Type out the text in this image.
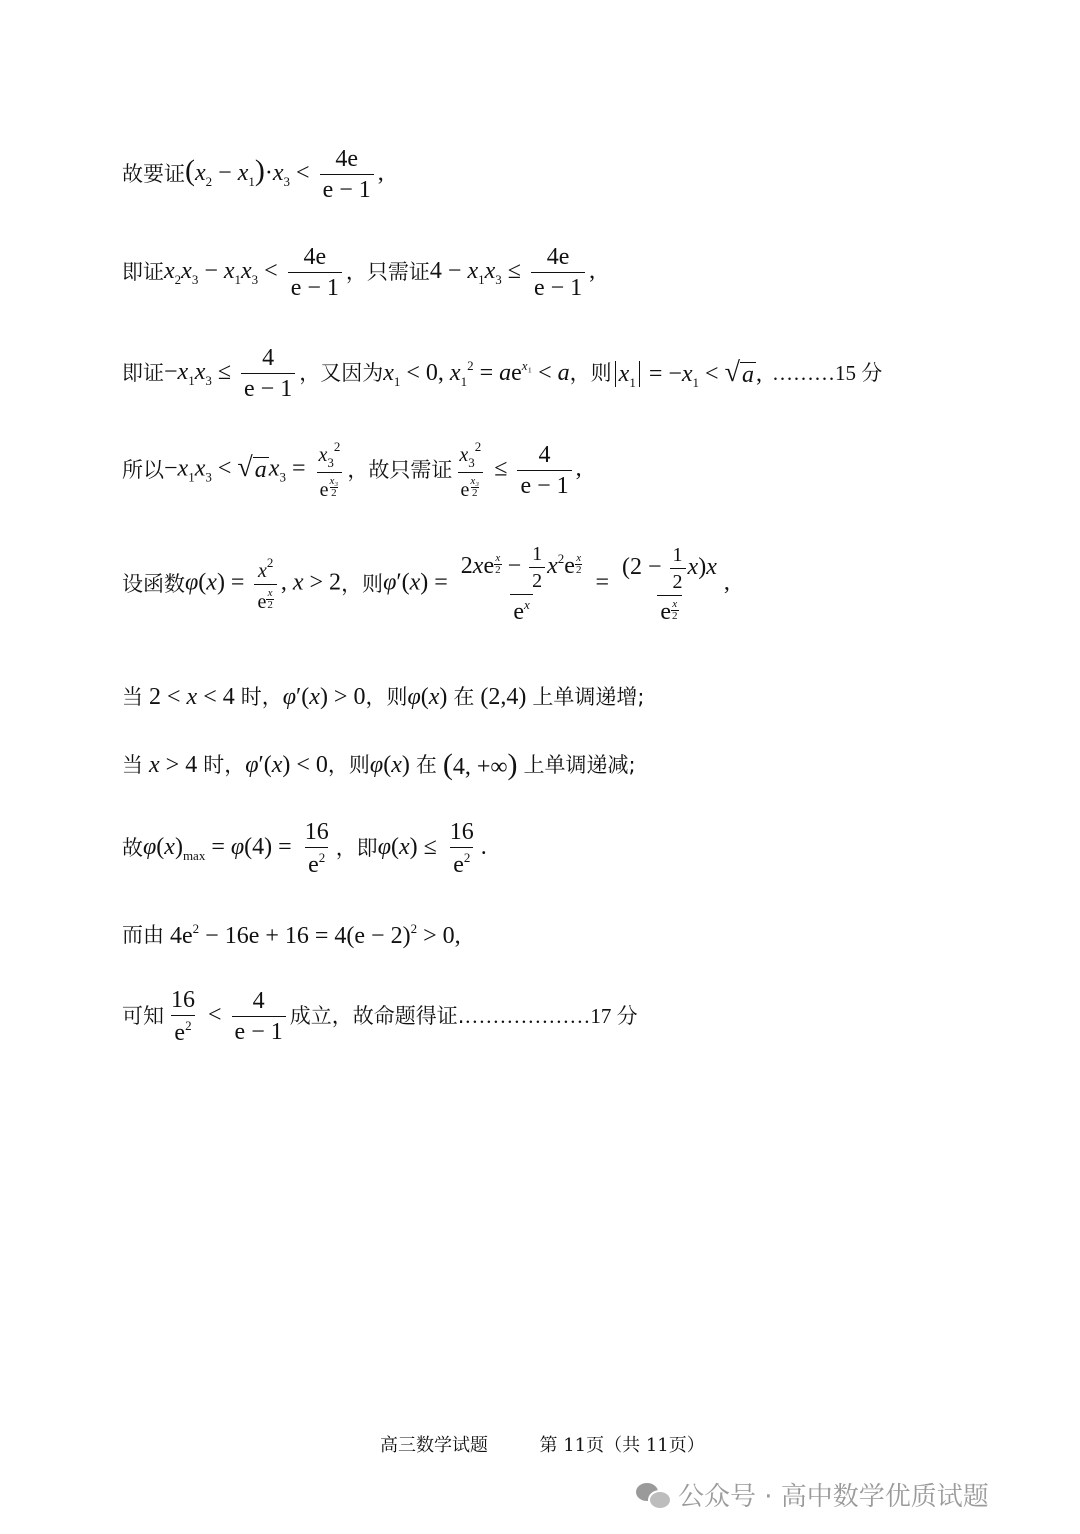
故要证 $(x_2 - x_1)\cdot x_3 < \frac{4e}{e - 1}$ ,
即证 $x_2x_3 - x_1x_3 < \frac{4e}{e - 1}$ ，只需证 $4 - x_1x_3 \le \frac{4e}{e - 1}$ ,
即证 $-x_1x_3 \le \frac{4}{e - 1}$ ，又因为 $x_1 < 0$, $x_1^2 = ae^{x_1} < a$ ，则 $x_1 = -x_1$ < √ a , ………15 分
所以 $-x_1x_3$ < √ a $x_3 = \frac{x_3^2}{e \frac{\text{x₃}}{2}}$ ，故只需证 $\frac{x_3^2}{e \frac{\text{x₃}}{2}} \le \frac{4}{e - 1}$ ,
设函数 $\varphi(x) = \frac{x^2}{e \frac{x}{2}}$ , x > 2 ，则 $\varphi'(x) = \frac{2xe \frac{x}{2} - \frac{1}{2} x^2e \frac{x}{2}}{e^x} = \frac{(2 - \frac{1}{2} x)x}{e \frac{x}{2}}$ ,
当 2 < x < 4 时， φ′(x) > 0 ，则 φ(x) 在 (2,4) 上单调递增;
当 x > 4 时， φ′(x) < 0 ，则 φ(x) 在 (4, +∞) 上单调递减;
故 $\varphi(x)_{max} = \varphi(4) = \frac{16}{e^2}$ ，即 $\varphi(x) \le \frac{16}{e^2}$ .
而由 $4e^2 - 16e + 16 = 4(e - 2)^2 > 0$,
可知 $\frac{16}{e^2} < \frac{4}{e - 1}$ 成立，故命题得证. ………………17 分
高三数学试题	第 11页（共 11页）
公众号 · 高中数学优质试题
